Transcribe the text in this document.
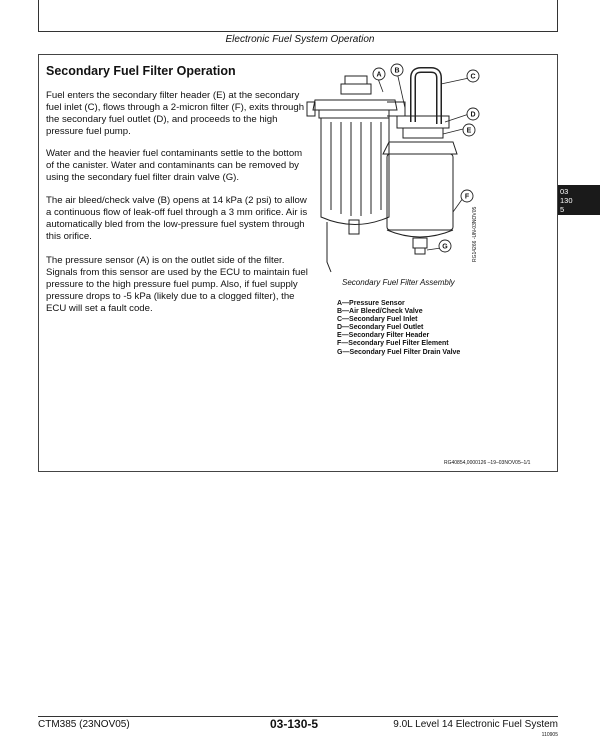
Electronic Fuel System Operation
Secondary Fuel Filter Operation

Fuel enters the secondary filter header (E) at the secondary fuel inlet (C), flows through a 2-micron filter (F), exits through the secondary fuel outlet (D), and proceeds to the high pressure fuel pump.

Water and the heavier fuel contaminants settle to the bottom of the canister. Water and contaminants can be removed by using the secondary fuel filter drain valve (G).

The air bleed/check valve (B) opens at 14 kPa (2 psi) to allow a continuous flow of leak-off fuel through a 3 mm orifice. Air is automatically bled from the low-pressure fuel system through this orifice.

The pressure sensor (A) is on the outlet side of the filter. Signals from this sensor are used by the ECU to maintain fuel pressure to the high pressure fuel pump. Also, if fuel supply pressure drops to -5 kPa (likely due to a clogged filter), the ECU will set a fault code.

03
130
5
A
B
C
D
E
F
G	RG14266 -UN-03NOV05
Secondary Fuel Filter Assembly
A—Pressure Sensor
B—Air Bleed/Check Valve
C—Secondary Fuel Inlet
D—Secondary Fuel Outlet
E—Secondary Filter Header
F—Secondary Fuel Filter Element
G—Secondary Fuel Filter Drain Valve
RG40854,0000126 –19–03NOV05–1/1
CTM385 (23NOV05)	03-130-5	9.0L Level 14 Electronic Fuel System
110905
